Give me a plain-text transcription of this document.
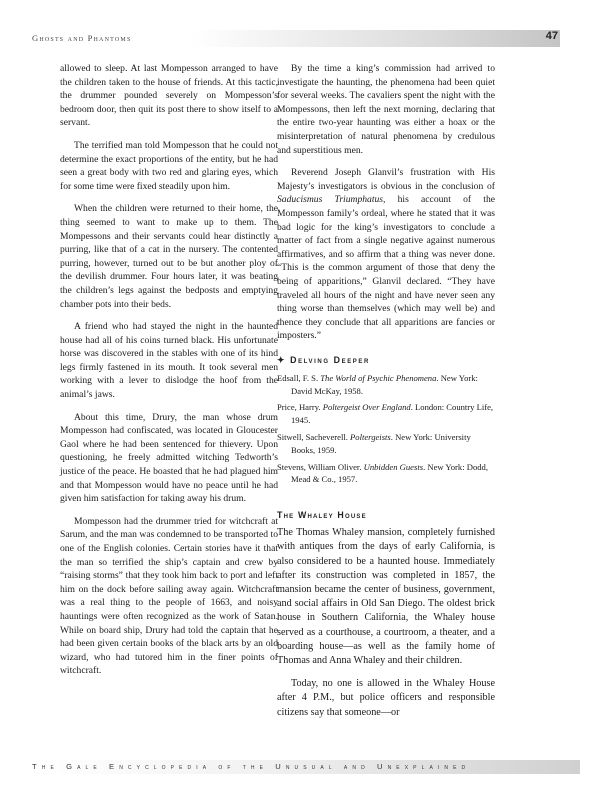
Ghosts and Phantoms	47

allowed to sleep. At last Mompesson arranged to have the children taken to the house of friends. At this tactic, the drummer pounded severely on Mompesson’s bedroom door, then quit its post there to show itself to a servant.

The terrified man told Mompesson that he could not determine the exact proportions of the entity, but he had seen a great body with two red and glaring eyes, which for some time were fixed steadily upon him.

When the children were returned to their home, the thing seemed to want to make up to them. The Mompessons and their servants could hear distinctly a purring, like that of a cat in the nursery. The contented purring, however, turned out to be but another ploy of the devilish drummer. Four hours later, it was beating the children’s legs against the bedposts and emptying chamber pots into their beds.

A friend who had stayed the night in the haunted house had all of his coins turned black. His unfortunate horse was discovered in the stables with one of its hind legs firmly fastened in its mouth. It took several men working with a lever to dislodge the hoof from the animal’s jaws.

About this time, Drury, the man whose drum Mompesson had confiscated, was located in Gloucester Gaol where he had been sentenced for thievery. Upon questioning, he freely admitted witching Tedworth’s justice of the peace. He boasted that he had plagued him and that Mompesson would have no peace until he had given him satisfaction for taking away his drum.

Mompesson had the drummer tried for witchcraft at Sarum, and the man was condemned to be transported to one of the English colonies. Certain stories have it that the man so terrified the ship’s captain and crew by “raising storms” that they took him back to port and left him on the dock before sailing away again. Witchcraft was a real thing to the people of 1663, and noisy hauntings were often recognized as the work of Satan. While on board ship, Drury had told the captain that he had been given certain books of the black arts by an old wizard, who had tutored him in the finer points of witchcraft.

By the time a king’s commission had arrived to investigate the haunting, the phenomena had been quiet for several weeks. The cavaliers spent the night with the Mompessons, then left the next morning, declaring that the entire two-year haunting was either a hoax or the misinterpretation of natural phenomena by credulous and superstitious men.

Reverend Joseph Glanvil’s frustration with His Majesty’s investigators is obvious in the conclusion of Saducismus Triumphatus, his account of the Mompesson family’s ordeal, where he stated that it was bad logic for the king’s investigators to conclude a matter of fact from a single negative against numerous affirmatives, and so affirm that a thing was never done. “This is the common argument of those that deny the being of apparitions,” Glanvil declared. “They have traveled all hours of the night and have never seen any thing worse than themselves (which may well be) and thence they conclude that all apparitions are fancies or imposters.”

✦ Delving Deeper
Edsall, F. S. The World of Psychic Phenomena. New York: David McKay, 1958.
Price, Harry. Poltergeist Over England. London: Country Life, 1945.
Sitwell, Sacheverell. Poltergeists. New York: University Books, 1959.
Stevens, William Oliver. Unbidden Guests. New York: Dodd, Mead & Co., 1957.
The Whaley House

The Thomas Whaley mansion, completely furnished with antiques from the days of early California, is also considered to be a haunted house. Immediately after its construction was completed in 1857, the mansion became the center of business, government, and social affairs in Old San Diego. The oldest brick house in Southern California, the Whaley house served as a courthouse, a courtroom, a theater, and a boarding house—as well as the family home of Thomas and Anna Whaley and their children.

Today, no one is allowed in the Whaley House after 4 P.M., but police officers and responsible citizens say that someone—or

The Gale Encyclopedia of the Unusual and Unexplained
